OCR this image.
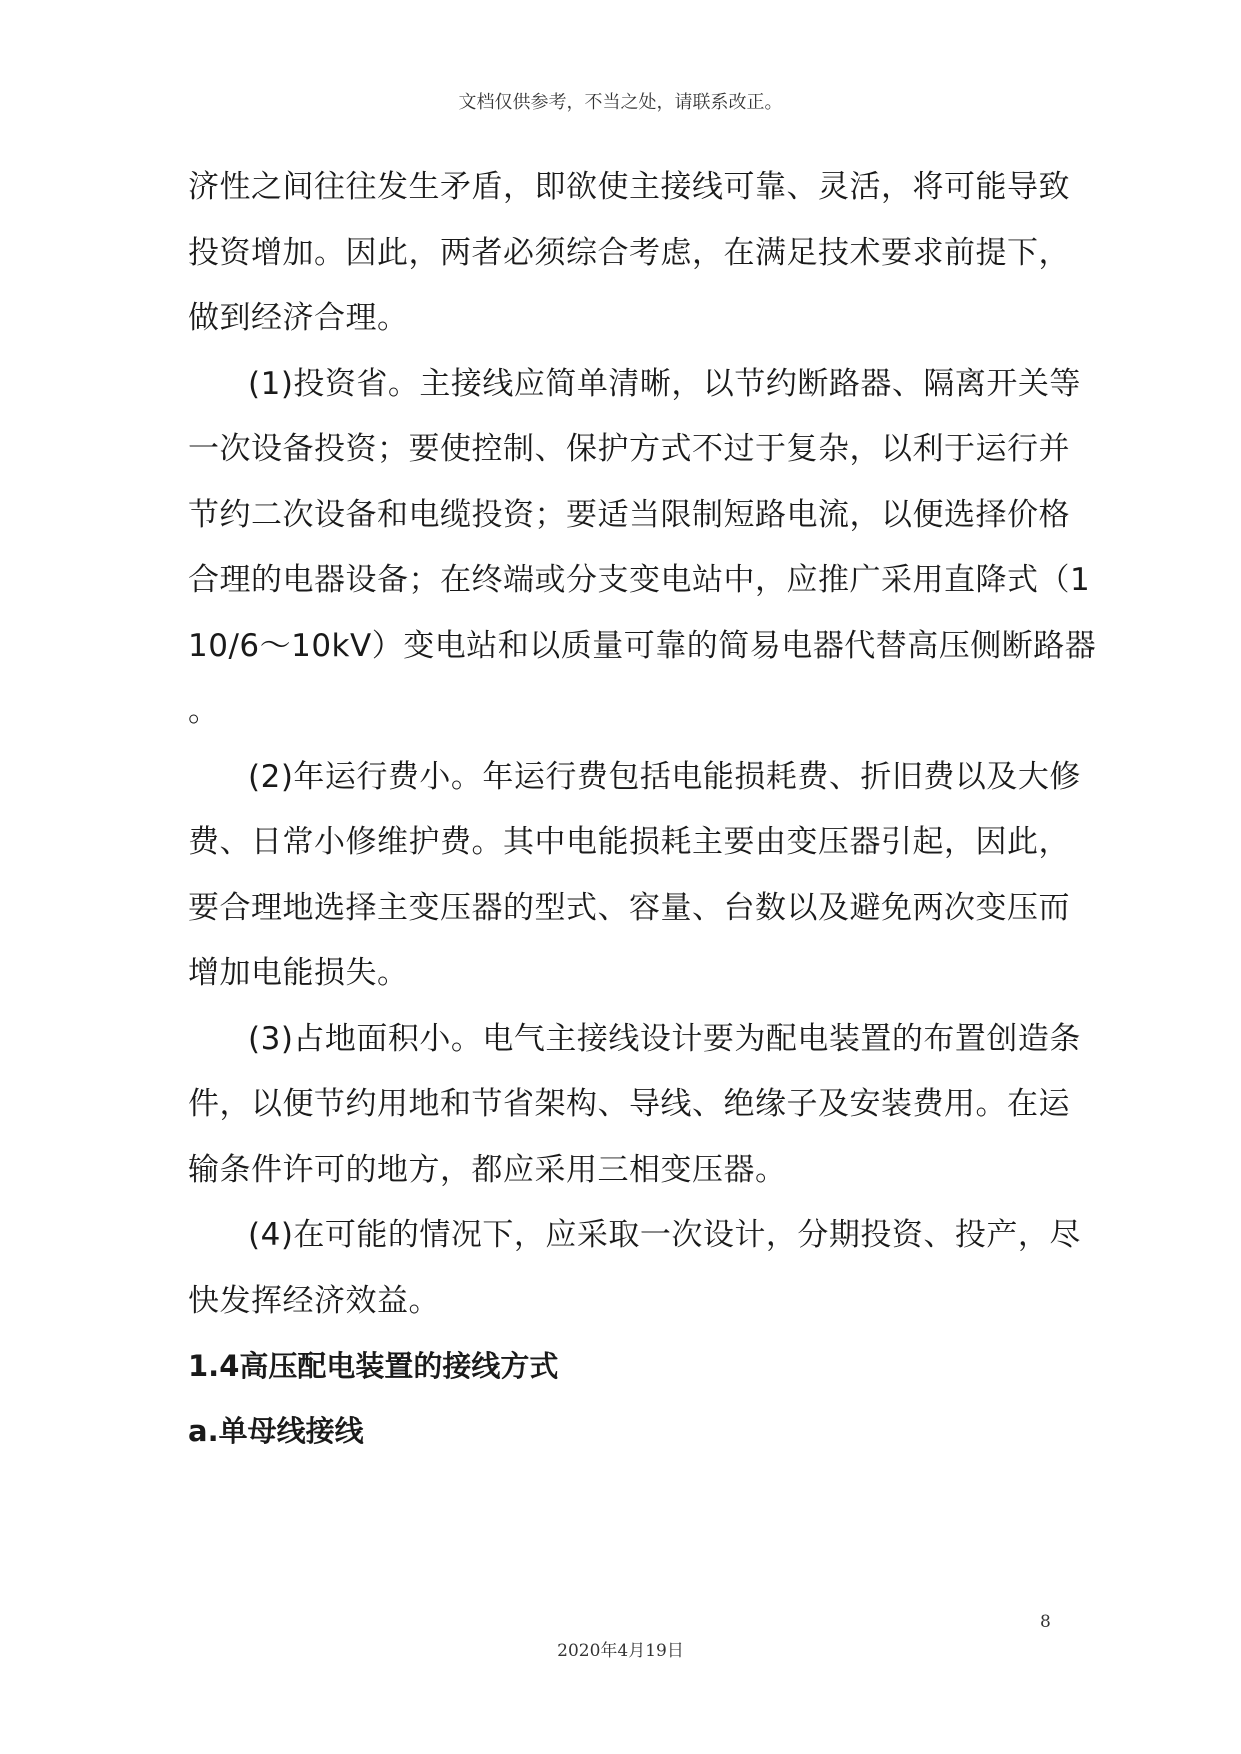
文档仅供参考，不当之处，请联系改正。
济性之间往往发生矛盾，即欲使主接线可靠、灵活，将可能导致
投资增加。因此，两者必须综合考虑，在满足技术要求前提下，
做到经济合理。
(1)投资省。主接线应简单清晰，以节约断路器、隔离开关等
一次设备投资；要使控制、保护方式不过于复杂，以利于运行并
节约二次设备和电缆投资；要适当限制短路电流，以便选择价格
合理的电器设备；在终端或分支变电站中，应推广采用直降式（1
10/6～10kV）变电站和以质量可靠的简易电器代替高压侧断路器
。
(2)年运行费小。年运行费包括电能损耗费、折旧费以及大修
费、日常小修维护费。其中电能损耗主要由变压器引起，因此，
要合理地选择主变压器的型式、容量、台数以及避免两次变压而
增加电能损失。
(3)占地面积小。电气主接线设计要为配电装置的布置创造条
件，以便节约用地和节省架构、导线、绝缘子及安装费用。在运
输条件许可的地方，都应采用三相变压器。
(4)在可能的情况下，应采取一次设计，分期投资、投产，尽
快发挥经济效益。
1.4高压配电装置的接线方式
a.单母线接线
8
2020年4月19日
